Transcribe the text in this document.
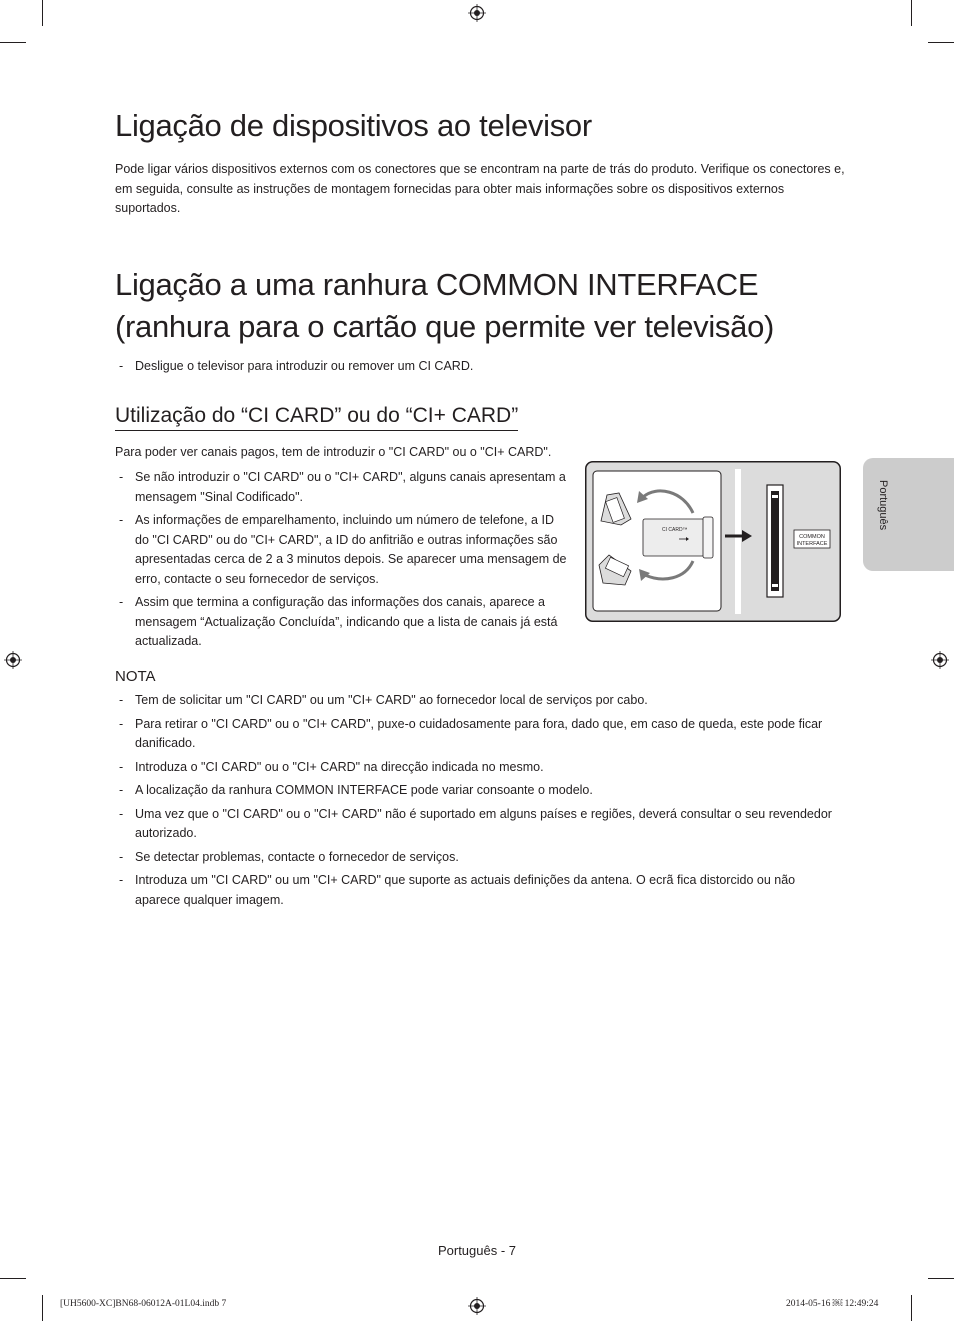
Ligação de dispositivos ao televisor

Pode ligar vários dispositivos externos com os conectores que se encontram na parte de trás do produto. Verifique os conectores e, em seguida, consulte as instruções de montagem fornecidas para obter mais informações sobre os dispositivos externos suportados.

Ligação a uma ranhura COMMON INTERFACE
(ranhura para o cartão que permite ver televisão)
- Desligue o televisor para introduzir ou remover um CI CARD.
Utilização do “CI CARD” ou do “CI+ CARD”

Para poder ver canais pagos, tem de introduzir o "CI CARD" ou o "CI+ CARD".

- Se não introduzir o "CI CARD" ou o "CI+ CARD", alguns canais apresentam a mensagem "Sinal Codificado".
- As informações de emparelhamento, incluindo um número de telefone, a ID do "CI CARD" ou do "CI+ CARD", a ID do anfitrião e outras informações são apresentadas cerca de 2 a 3 minutos depois. Se aparecer uma mensagem de erro, contacte o seu fornecedor de serviços.
- Assim que termina a configuração das informações dos canais, aparece a mensagem “Actualização Concluída”, indicando que a lista de canais já está actualizada.
COMMON
INTERFACE
CI CARD™
NOTA
- Tem de solicitar um "CI CARD" ou um "CI+ CARD" ao fornecedor local de serviços por cabo.
- Para retirar o "CI CARD" ou o "CI+ CARD", puxe-o cuidadosamente para fora, dado que, em caso de queda, este pode ficar danificado.
- Introduza o "CI CARD" ou o "CI+ CARD" na direcção indicada no mesmo.
- A localização da ranhura COMMON INTERFACE pode variar consoante o modelo.
- Uma vez que o "CI CARD" ou o "CI+ CARD" não é suportado em alguns países e regiões, deverá consultar o seu revendedor autorizado.
- Se detectar problemas, contacte o fornecedor de serviços.
- Introduza um "CI CARD" ou um "CI+ CARD" que suporte as actuais definições da antena. O ecrã fica distorcido ou não aparece qualquer imagem.
Português
Português - 7
[UH5600-XC]BN68-06012A-01L04.indb 7	2014-05-16 ￼ 12:49:24
